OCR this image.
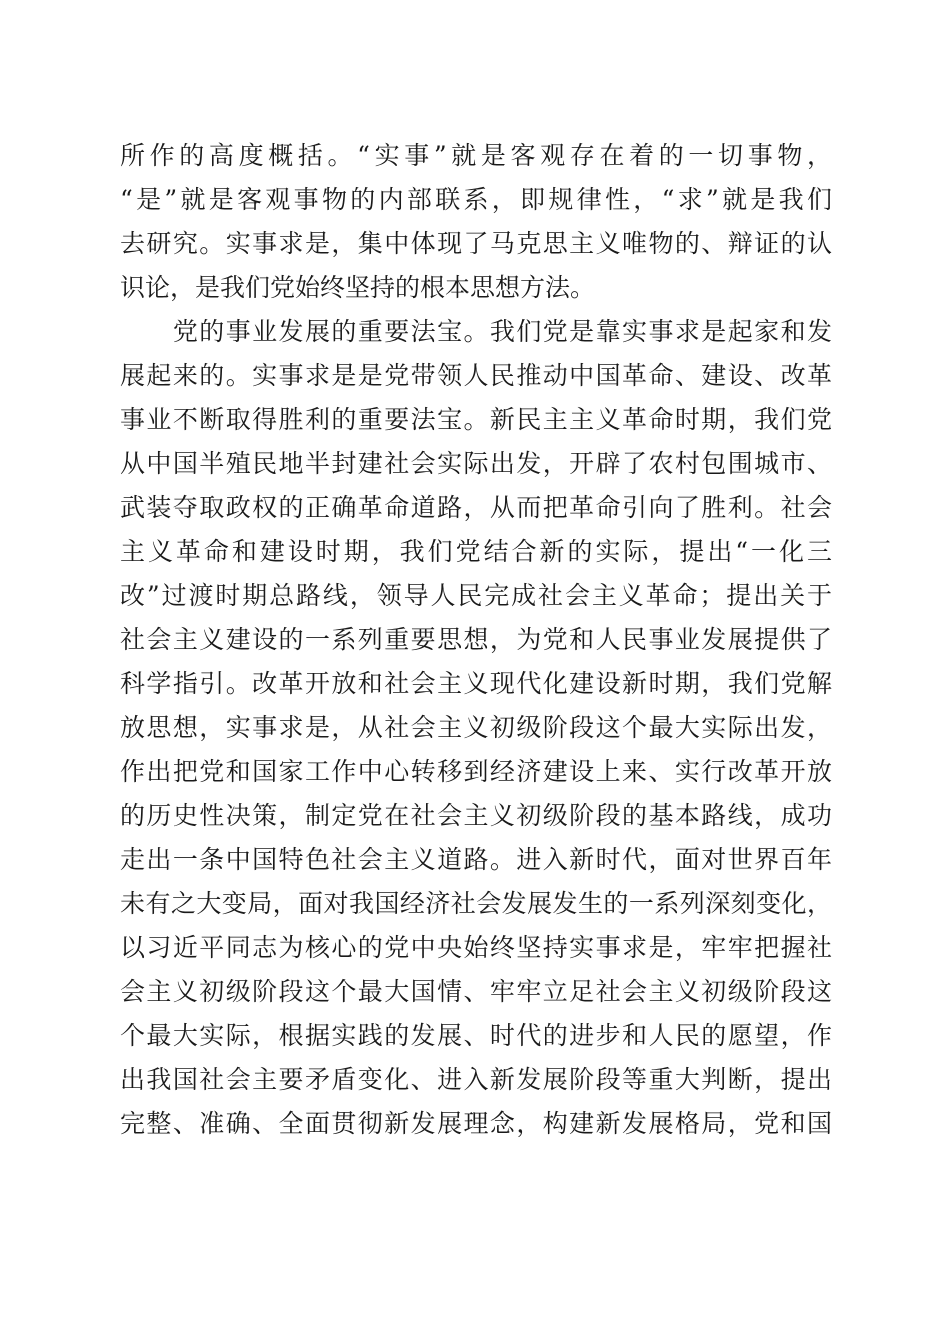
所作的高度概括。“实事”就是客观存在着的一切事物，
“是”就是客观事物的内部联系，即规律性，“求”就是我们
去研究。实事求是，集中体现了马克思主义唯物的、辩证的认
识论，是我们党始终坚持的根本思想方法。
　　党的事业发展的重要法宝。我们党是靠实事求是起家和发
展起来的。实事求是是党带领人民推动中国革命、建设、改革
事业不断取得胜利的重要法宝。新民主主义革命时期，我们党
从中国半殖民地半封建社会实际出发，开辟了农村包围城市、
武装夺取政权的正确革命道路，从而把革命引向了胜利。社会
主义革命和建设时期，我们党结合新的实际，提出“一化三
改”过渡时期总路线，领导人民完成社会主义革命；提出关于
社会主义建设的一系列重要思想，为党和人民事业发展提供了
科学指引。改革开放和社会主义现代化建设新时期，我们党解
放思想，实事求是，从社会主义初级阶段这个最大实际出发，
作出把党和国家工作中心转移到经济建设上来、实行改革开放
的历史性决策，制定党在社会主义初级阶段的基本路线，成功
走出一条中国特色社会主义道路。进入新时代，面对世界百年
未有之大变局，面对我国经济社会发展发生的一系列深刻变化，
以习近平同志为核心的党中央始终坚持实事求是，牢牢把握社
会主义初级阶段这个最大国情、牢牢立足社会主义初级阶段这
个最大实际，根据实践的发展、时代的进步和人民的愿望，作
出我国社会主要矛盾变化、进入新发展阶段等重大判断，提出
完整、准确、全面贯彻新发展理念，构建新发展格局，党和国
